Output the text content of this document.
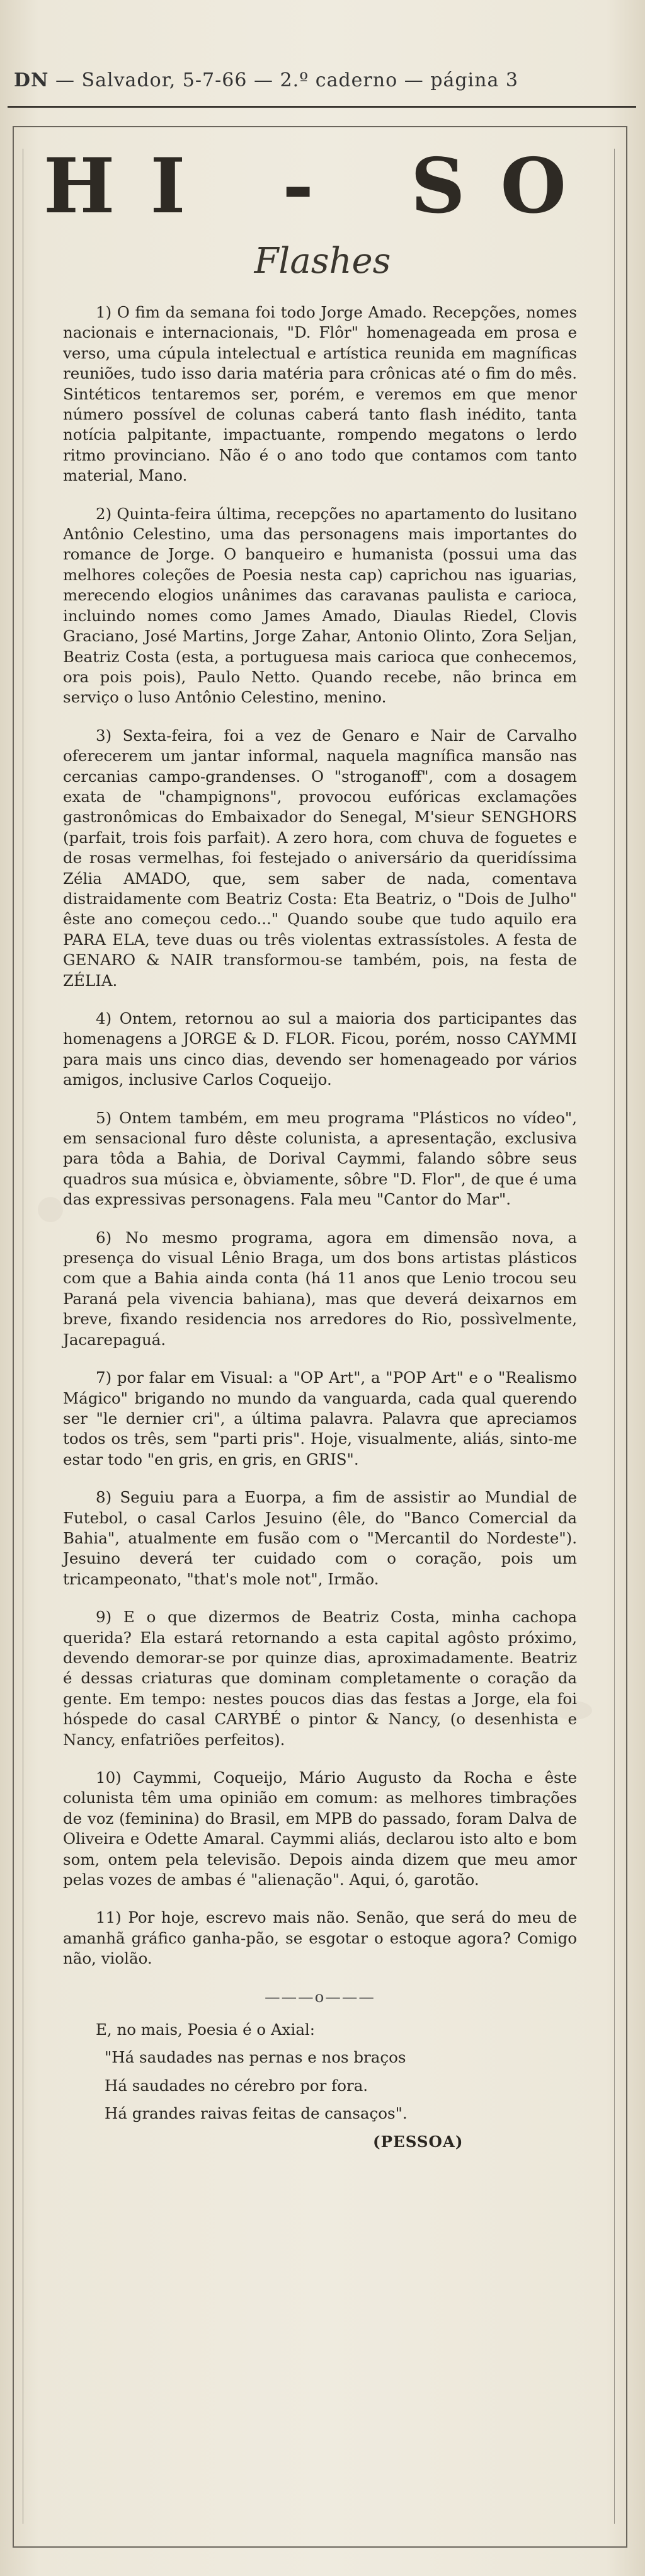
DN — Salvador, 5-7-66 — 2.º caderno — página 3
HI - SO
Flashes

1) O fim da semana foi todo Jorge Amado. Recepções, nomes nacionais e internacionais, "D. Flôr" homenageada em prosa e verso, uma cúpula intelectual e artística reunida em magníficas reuniões, tudo isso daria matéria para crônicas até o fim do mês. Sintéticos tentaremos ser, porém, e veremos em que menor número possível de colunas caberá tanto flash inédito, tanta notícia palpitante, impactuante, rompendo megatons o lerdo ritmo provinciano. Não é o ano todo que contamos com tanto material, Mano.

2) Quinta-feira última, recepções no apartamento do lusitano Antônio Celestino, uma das personagens mais importantes do romance de Jorge. O banqueiro e humanista (possui uma das melhores coleções de Poesia nesta cap) caprichou nas iguarias, merecendo elogios unânimes das caravanas paulista e carioca, incluindo nomes como James Amado, Diaulas Riedel, Clovis Graciano, José Martins, Jorge Zahar, Antonio Olinto, Zora Seljan, Beatriz Costa (esta, a portuguesa mais carioca que conhecemos, ora pois pois), Paulo Netto. Quando recebe, não brinca em serviço o luso Antônio Celestino, menino.

3) Sexta-feira, foi a vez de Genaro e Nair de Carvalho oferecerem um jantar informal, naquela magnífica mansão nas cercanias campo-grandenses. O "stroganoff", com a dosagem exata de "champignons", provocou eufóricas exclamações gastronômicas do Embaixador do Senegal, M'sieur SENGHORS (parfait, trois fois parfait). A zero hora, com chuva de foguetes e de rosas vermelhas, foi festejado o aniversário da queridíssima Zélia AMADO, que, sem saber de nada, comentava distraidamente com Beatriz Costa: Eta Beatriz, o "Dois de Julho" êste ano começou cedo..." Quando soube que tudo aquilo era PARA ELA, teve duas ou três violentas extrassístoles. A festa de GENARO & NAIR transformou-se também, pois, na festa de ZÉLIA.

4) Ontem, retornou ao sul a maioria dos participantes das homenagens a JORGE & D. FLOR. Ficou, porém, nosso CAYMMI para mais uns cinco dias, devendo ser homenageado por vários amigos, inclusive Carlos Coqueijo.

5) Ontem também, em meu programa "Plásticos no vídeo", em sensacional furo dêste colunista, a apresentação, exclusiva para tôda a Bahia, de Dorival Caymmi, falando sôbre seus quadros sua música e, òbviamente, sôbre "D. Flor", de que é uma das expressivas personagens. Fala meu "Cantor do Mar".

6) No mesmo programa, agora em dimensão nova, a presença do visual Lênio Braga, um dos bons artistas plásticos com que a Bahia ainda conta (há 11 anos que Lenio trocou seu Paraná pela vivencia bahiana), mas que deverá deixarnos em breve, fixando residencia nos arredores do Rio, possìvelmente, Jacarepaguá.

7) por falar em Visual: a "OP Art", a "POP Art" e o "Realismo Mágico" brigando no mundo da vanguarda, cada qual querendo ser "le dernier cri", a última palavra. Palavra que apreciamos todos os três, sem "parti pris". Hoje, visualmente, aliás, sinto-me estar todo "en gris, en gris, en GRIS".

8) Seguiu para a Euorpa, a fim de assistir ao Mundial de Futebol, o casal Carlos Jesuino (êle, do "Banco Comercial da Bahia", atualmente em fusão com o "Mercantil do Nordeste"). Jesuino deverá ter cuidado com o coração, pois um tricampeonato, "that's mole not", Irmão.

9) E o que dizermos de Beatriz Costa, minha cachopa querida? Ela estará retornando a esta capital agôsto próximo, devendo demorar-se por quinze dias, aproximadamente. Beatriz é dessas criaturas que dominam completamente o coração da gente. Em tempo: nestes poucos dias das festas a Jorge, ela foi hóspede do casal CARYBÉ o pintor & Nancy, (o desenhista e Nancy, enfatriões perfeitos).

10) Caymmi, Coqueijo, Mário Augusto da Rocha e êste colunista têm uma opinião em comum: as melhores timbrações de voz (feminina) do Brasil, em MPB do passado, foram Dalva de Oliveira e Odette Amaral. Caymmi aliás, declarou isto alto e bom som, ontem pela televisão. Depois ainda dizem que meu amor pelas vozes de ambas é "alienação". Aqui, ó, garotão.

11) Por hoje, escrevo mais não. Senão, que será do meu de amanhã gráfico ganha-pão, se esgotar o estoque agora? Comigo não, violão.

———o———

E, no mais, Poesia é o Axial:

"Há saudades nas pernas e nos braços

Há saudades no cérebro por fora.

Há grandes raivas feitas de cansaços".

(PESSOA)
